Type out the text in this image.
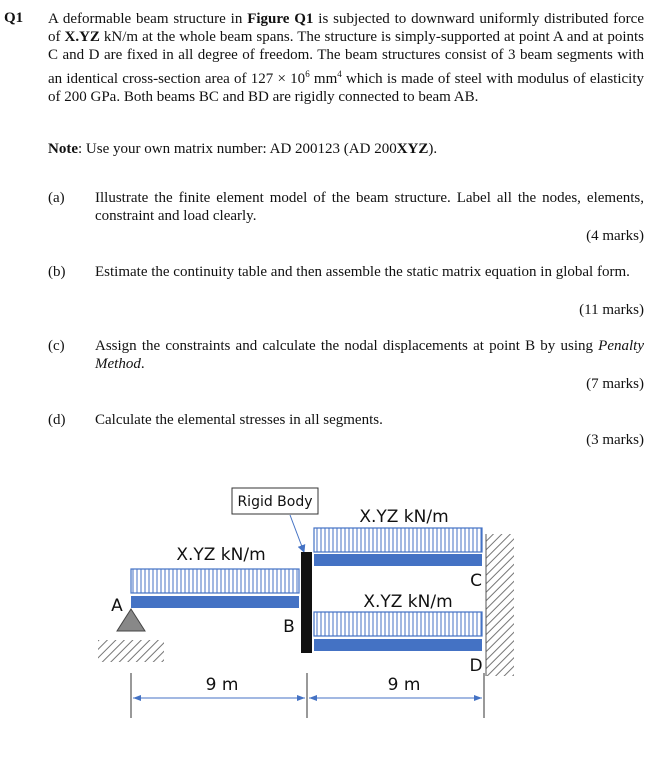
Q1 A deformable beam structure in Figure Q1 is subjected to downward uniformly distributed force of X.YZ kN/m at the whole beam spans. The structure is simply-supported at point A and at points C and D are fixed in all degree of freedom. The beam structures consist of 3 beam segments with an identical cross-section area of $127 \times 10^6$ $mm^4$ which is made of steel with modulus of elasticity of 200 GPa. Both beams BC and BD are rigidly connected to beam AB.
Note: Use your own matrix number: AD 200123 (AD 200XYZ).
(a) Illustrate the finite element model of the beam structure. Label all the nodes, elements, constraint and load clearly.
(4 marks)
(b) Estimate the continuity table and then assemble the static matrix equation in global form.
(11 marks)
(c) Assign the constraints and calculate the nodal displacements at point B by using Penalty Method.
(7 marks)
(d) Calculate the elemental stresses in all segments.
(3 marks)
Rigid Body
X.YZ kN/m
X.YZ kN/m
X.YZ kN/m
A
B
C
D
9 m	9 m
